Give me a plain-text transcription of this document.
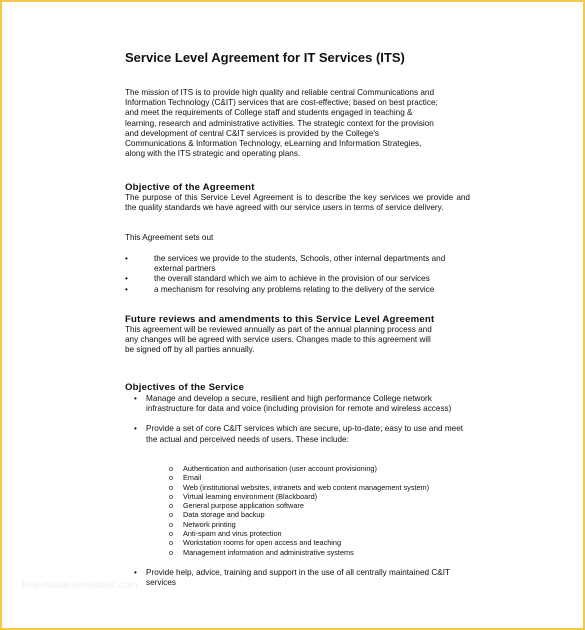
Service Level Agreement for IT Services (ITS)
The mission of ITS is to provide high quality and reliable central Communications and
Information Technology (C&IT) services that are cost-effective; based on best practice;
and meet the requirements of College staff and students engaged in teaching &
learning, research and administrative activities. The strategic context for the provision
and development of central C&IT services is provided by the College's
Communications & Information Technology, eLearning and Information Strategies,
along with the ITS strategic and operating plans.
Objective of the Agreement
The purpose of this Service Level Agreement is to describe the key services we provide and the quality standards we have agreed with our service users in terms of service delivery.
This Agreement sets out
•	the services we provide to the students, Schools, other internal departments and external partners
•	the overall standard which we aim to achieve in the provision of our services
•	a mechanism for resolving any problems relating to the delivery of the service
Future reviews and amendments to this Service Level Agreement
This agreement will be reviewed annually as part of the annual planning process and
any changes will be agreed with service users. Changes made to this agreement will
be signed off by all parties annually.
Objectives of the Service
• Manage and develop a secure, resilient and high performance College network infrastructure for data and voice (including provision for remote and wireless access)
• Provide a set of core C&IT services which are secure, up-to-date; easy to use and meet the actual and perceived needs of users. These include:
o Authentication and authorisation (user account provisioning)
o Email
o Web (institutional websites, intranets and web content management system)
o Virtual learning environment (Blackboard)
o General purpose application software
o Data storage and backup
o Network printing
o Anti-spam and virus protection
o Workstation rooms for open access and teaching
o Management information and administrative systems
• Provide help, advice, training and support in the use of all centrally maintained C&IT services
free-online-templates.com
